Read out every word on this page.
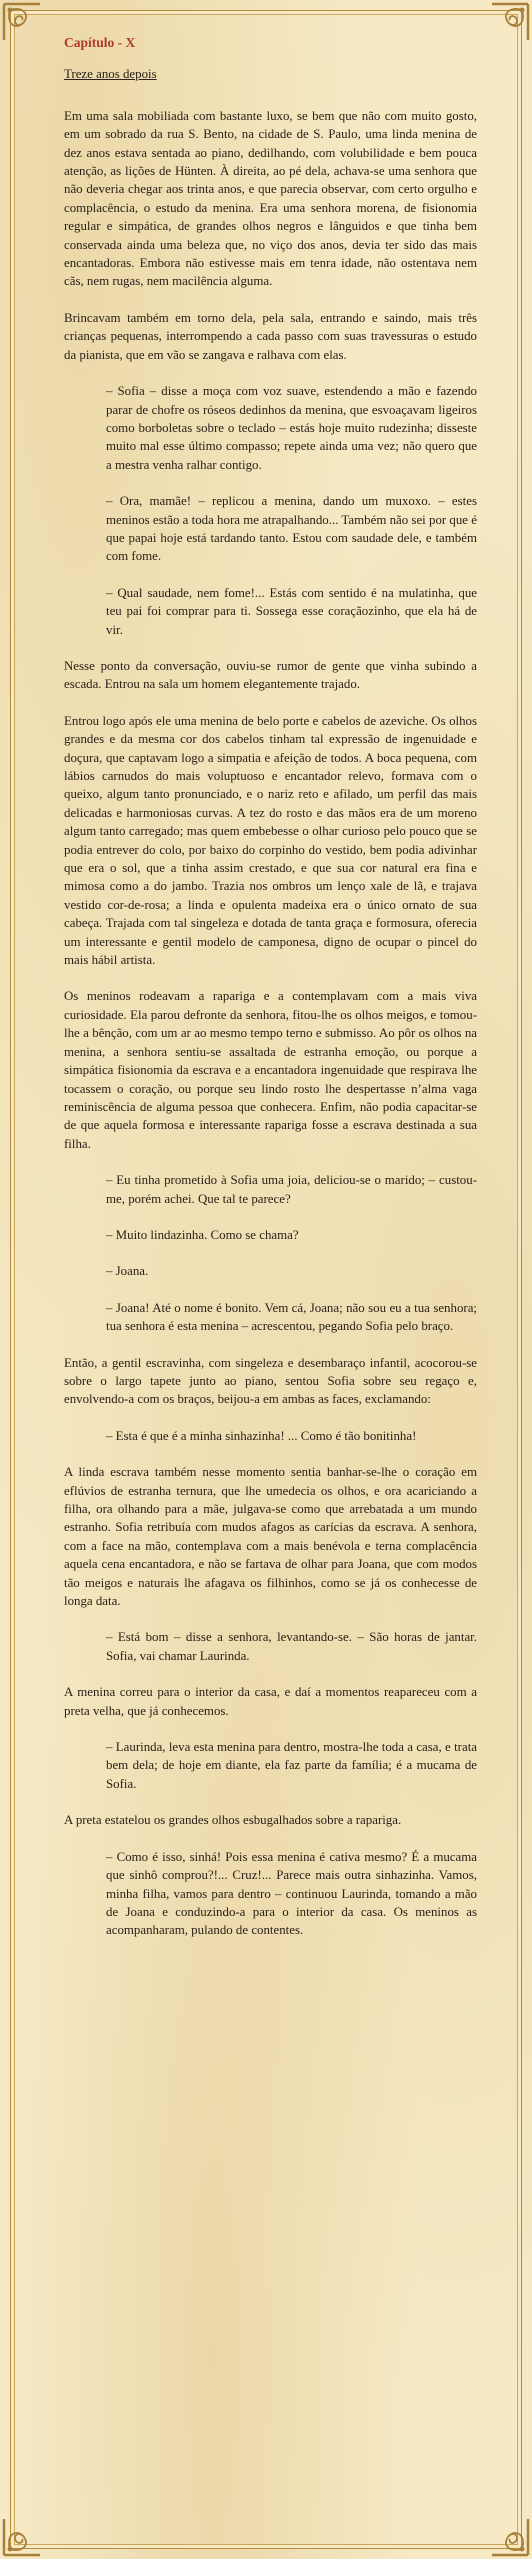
Capítulo - X
Treze anos depois

Em uma sala mobiliada com bastante luxo, se bem que não com muito gosto, em um sobrado da rua S. Bento, na cidade de S. Paulo, uma linda menina de dez anos estava sentada ao piano, dedilhando, com volubilidade e bem pouca atenção, as lições de Hünten. À direita, ao pé dela, achava-se uma senhora que não deveria chegar aos trinta anos, e que parecia observar, com certo orgulho e complacência, o estudo da menina. Era uma senhora morena, de fisionomia regular e simpática, de grandes olhos negros e lânguidos e que tinha bem conservada ainda uma beleza que, no viço dos anos, devia ter sido das mais encantadoras. Embora não estivesse mais em tenra idade, não ostentava nem cãs, nem rugas, nem macilência alguma.

Brincavam também em torno dela, pela sala, entrando e saindo, mais três crianças pequenas, interrompendo a cada passo com suas travessuras o estudo da pianista, que em vão se zangava e ralhava com elas.

– Sofia – disse a moça com voz suave, estendendo a mão e fazendo parar de chofre os róseos dedinhos da menina, que esvoaçavam ligeiros como borboletas sobre o teclado – estás hoje muito rudezinha; disseste muito mal esse último compasso; repete ainda uma vez; não quero que a mestra venha ralhar contigo.

– Ora, mamãe! – replicou a menina, dando um muxoxo. – estes meninos estão a toda hora me atrapalhando... Também não sei por que é que papai hoje está tardando tanto. Estou com saudade dele, e também com fome.

– Qual saudade, nem fome!... Estás com sentido é na mulatinha, que teu pai foi comprar para ti. Sossega esse coraçãozinho, que ela há de vir.

Nesse ponto da conversação, ouviu-se rumor de gente que vinha subindo a escada. Entrou na sala um homem elegantemente trajado.

Entrou logo após ele uma menina de belo porte e cabelos de azeviche. Os olhos grandes e da mesma cor dos cabelos tinham tal expressão de ingenuidade e doçura, que captavam logo a simpatia e afeição de todos. A boca pequena, com lábios carnudos do mais voluptuoso e encantador relevo, formava com o queixo, algum tanto pronunciado, e o nariz reto e afilado, um perfil das mais delicadas e harmoniosas curvas. A tez do rosto e das mãos era de um moreno algum tanto carregado; mas quem embebesse o olhar curioso pelo pouco que se podia entrever do colo, por baixo do corpinho do vestido, bem podia adivinhar que era o sol, que a tinha assim crestado, e que sua cor natural era fina e mimosa como a do jambo. Trazia nos ombros um lenço xale de lã, e trajava vestido cor-de-rosa; a linda e opulenta madeixa era o único ornato de sua cabeça. Trajada com tal singeleza e dotada de tanta graça e formosura, oferecia um interessante e gentil modelo de camponesa, digno de ocupar o pincel do mais hábil artista.

Os meninos rodeavam a rapariga e a contemplavam com a mais viva curiosidade. Ela parou defronte da senhora, fitou-lhe os olhos meigos, e tomou-lhe a bênção, com um ar ao mesmo tempo terno e submisso. Ao pôr os olhos na menina, a senhora sentiu-se assaltada de estranha emoção, ou porque a simpática fisionomia da escrava e a encantadora ingenuidade que respirava lhe tocassem o coração, ou porque seu lindo rosto lhe despertasse n’alma vaga reminiscência de alguma pessoa que conhecera. Enfim, não podia capacitar-se de que aquela formosa e interessante rapariga fosse a escrava destinada a sua filha.

– Eu tinha prometido à Sofia uma joia, deliciou-se o marido; – custou-me, porém achei. Que tal te parece?

– Muito lindazinha. Como se chama?

– Joana.

– Joana! Até o nome é bonito. Vem cá, Joana; não sou eu a tua senhora; tua senhora é esta menina – acrescentou, pegando Sofia pelo braço.

Então, a gentil escravinha, com singeleza e desembaraço infantil, acocorou-se sobre o largo tapete junto ao piano, sentou Sofia sobre seu regaço e, envolvendo-a com os braços, beijou-a em ambas as faces, exclamando:

– Esta é que é a minha sinhazinha! ... Como é tão bonitinha!

A linda escrava também nesse momento sentia banhar-se-lhe o coração em eflúvios de estranha ternura, que lhe umedecia os olhos, e ora acariciando a filha, ora olhando para a mãe, julgava-se como que arrebatada a um mundo estranho. Sofia retribuía com mudos afagos as carícias da escrava. A senhora, com a face na mão, contemplava com a mais benévola e terna complacência aquela cena encantadora, e não se fartava de olhar para Joana, que com modos tão meigos e naturais lhe afagava os filhinhos, como se já os conhecesse de longa data.

– Está bom – disse a senhora, levantando-se. – São horas de jantar. Sofia, vai chamar Laurinda.

A menina correu para o interior da casa, e daí a momentos reapareceu com a preta velha, que já conhecemos.

– Laurinda, leva esta menina para dentro, mostra-lhe toda a casa, e trata bem dela; de hoje em diante, ela faz parte da família; é a mucama de Sofia.

A preta estatelou os grandes olhos esbugalhados sobre a rapariga.

– Como é isso, sinhá! Pois essa menina é cativa mesmo? É a mucama que sinhô comprou?!... Cruz!... Parece mais outra sinhazinha. Vamos, minha filha, vamos para dentro – continuou Laurinda, tomando a mão de Joana e conduzindo-a para o interior da casa. Os meninos as acompanharam, pulando de contentes.
